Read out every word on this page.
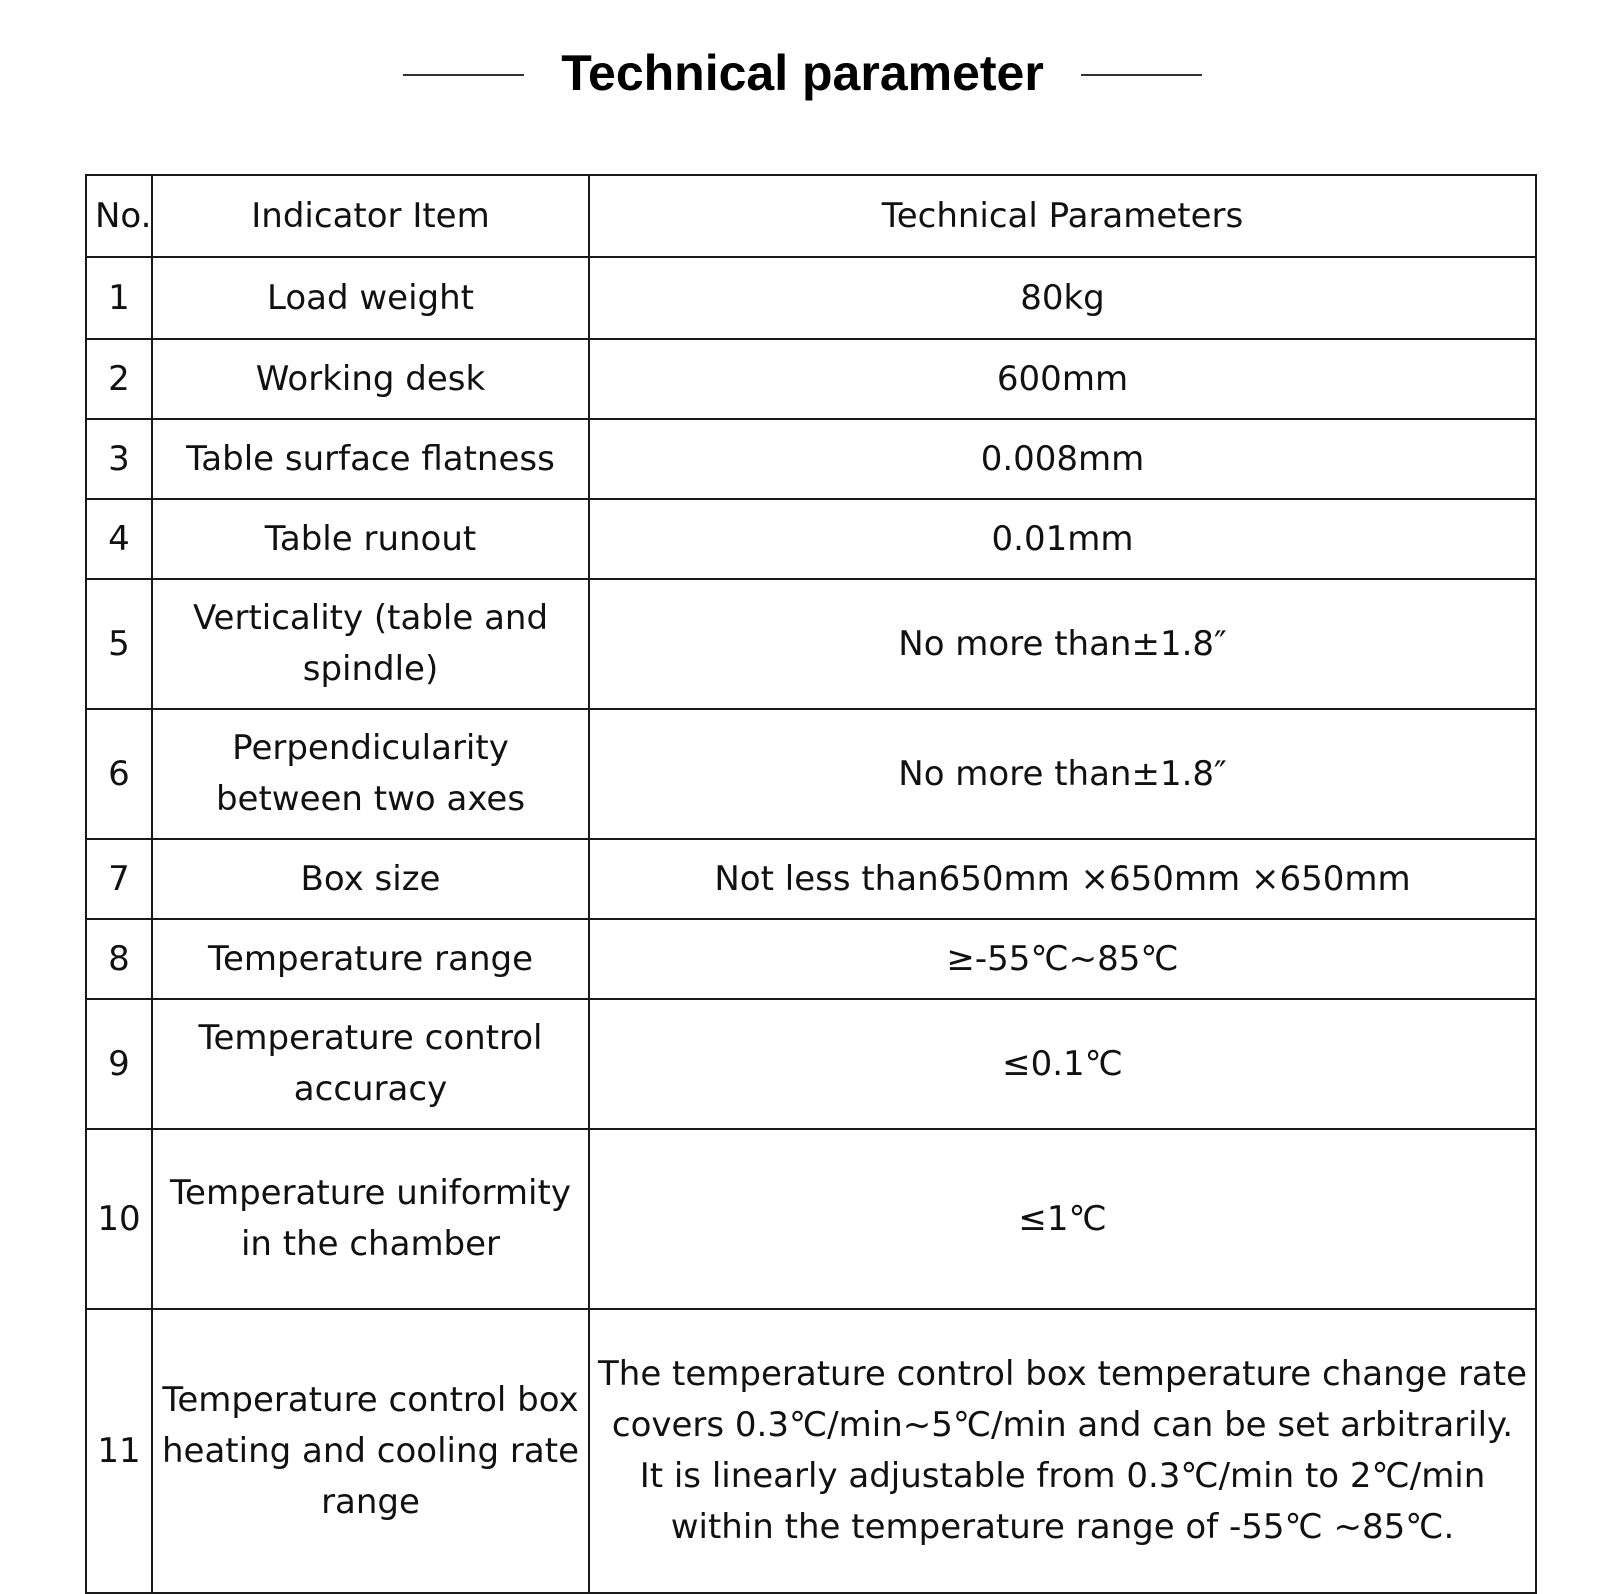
Technical parameter
No.	Indicator Item	Technical Parameters
1	Load weight	80kg
2	Working desk	600mm
3	Table surface flatness	0.008mm
4	Table runout	0.01mm
5	Verticality (table and spindle)	No more than±1.8″
6	Perpendicularity between two axes	No more than±1.8″
7	Box size	Not less than650mm ×650mm ×650mm
8	Temperature range	≥-55℃~85℃
9	Temperature control accuracy	≤0.1℃
10	Temperature uniformity in the chamber	≤1℃
11	Temperature control box heating and cooling rate range	The temperature control box temperature change rate covers 0.3℃/min~5℃/min and can be set arbitrarily. It is linearly adjustable from 0.3℃/min to 2℃/min within the temperature range of -55℃ ~85℃.
